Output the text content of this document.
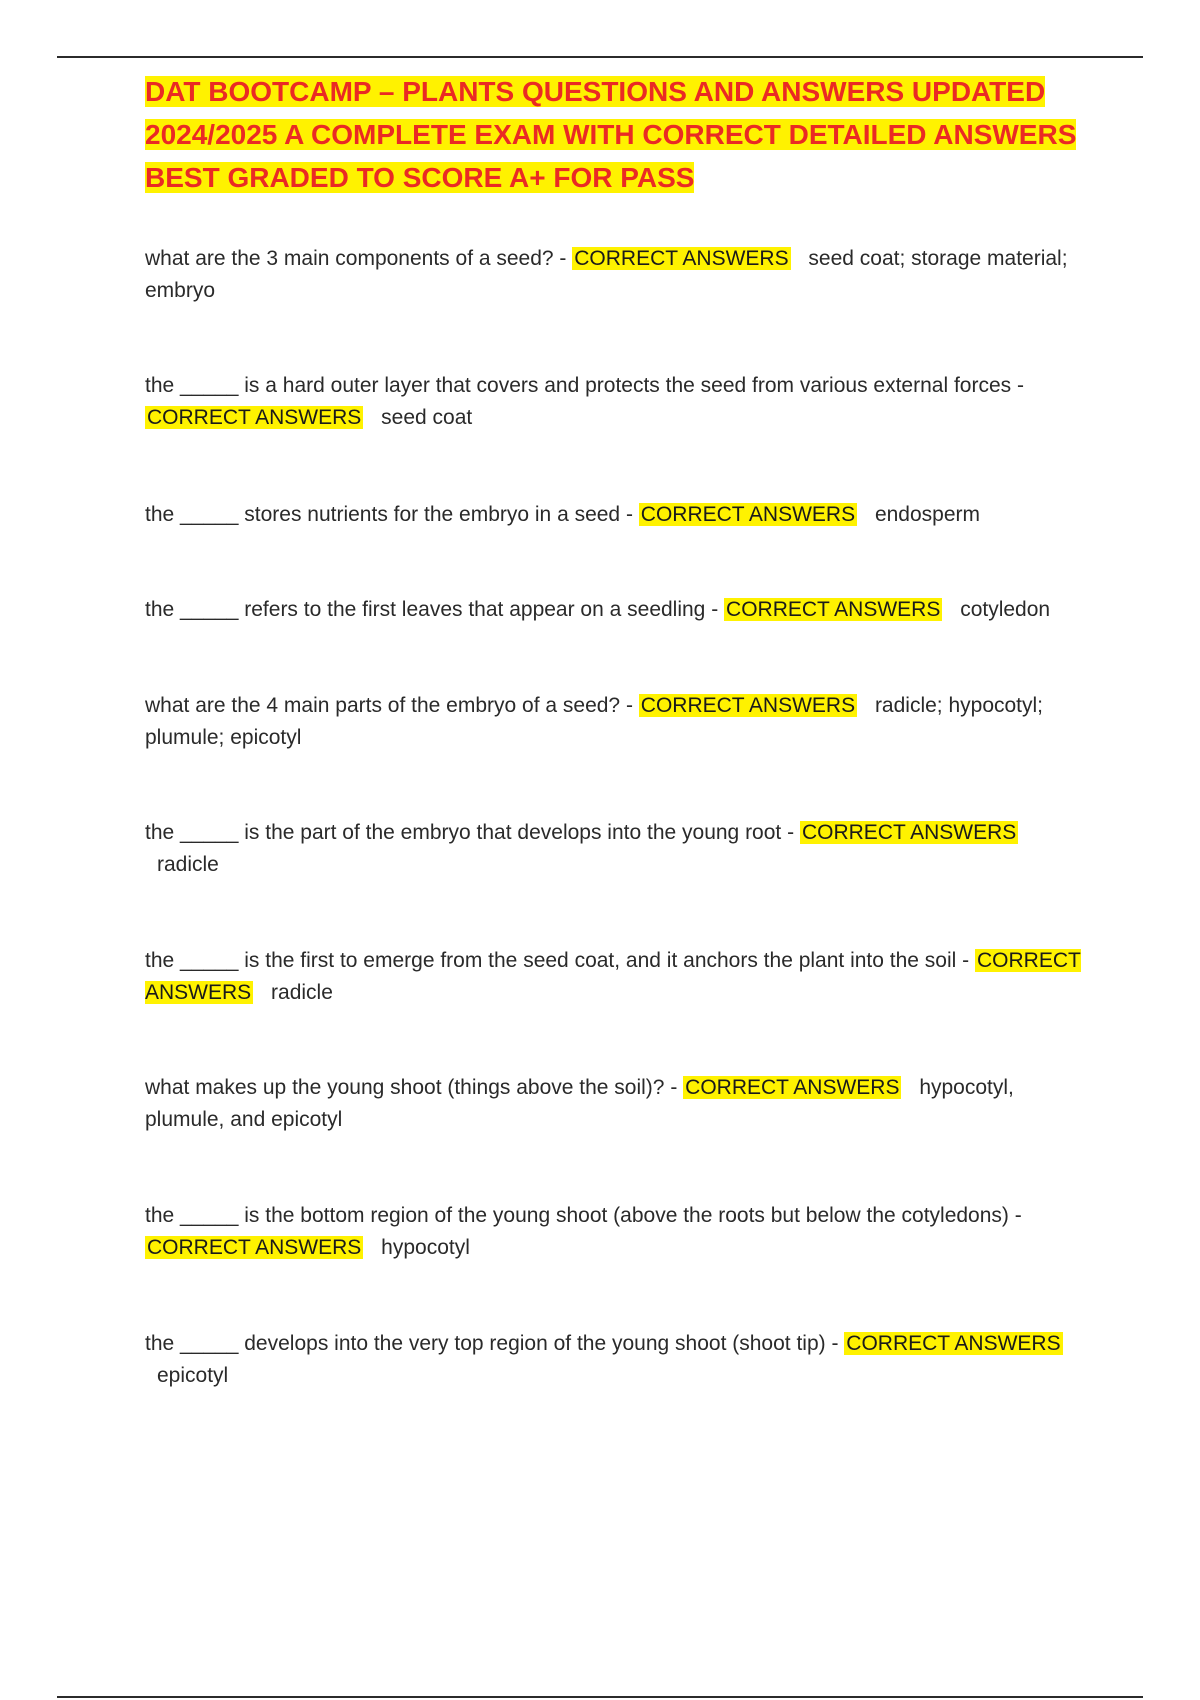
DAT BOOTCAMP – PLANTS QUESTIONS AND ANSWERS UPDATED
2024/2025 A COMPLETE EXAM WITH CORRECT DETAILED ANSWERS
BEST GRADED TO SCORE A+ FOR PASS
what are the 3 main components of a seed? - CORRECT ANSWERS seed coat; storage material; embryo
the _____ is a hard outer layer that covers and protects the seed from various external forces - CORRECT ANSWERS seed coat
the _____ stores nutrients for the embryo in a seed - CORRECT ANSWERS endosperm
the _____ refers to the first leaves that appear on a seedling - CORRECT ANSWERS cotyledon
what are the 4 main parts of the embryo of a seed? - CORRECT ANSWERS radicle; hypocotyl; plumule; epicotyl
the _____ is the part of the embryo that develops into the young root - CORRECT ANSWERS radicle
the _____ is the first to emerge from the seed coat, and it anchors the plant into the soil - CORRECT ANSWERS radicle
what makes up the young shoot (things above the soil)? - CORRECT ANSWERS hypocotyl, plumule, and epicotyl
the _____ is the bottom region of the young shoot (above the roots but below the cotyledons) - CORRECT ANSWERS hypocotyl
the _____ develops into the very top region of the young shoot (shoot tip) - CORRECT ANSWERS epicotyl
